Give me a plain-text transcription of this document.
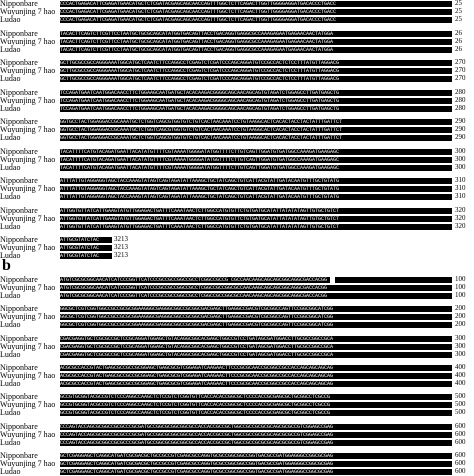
Nipponbare	CCCACTGAGACATTCGAGATGAACATGCTCTCGATACGAGCAGCAACCAGTTTGGCTCTTCAGACTTGGTTGGGGAGGATGACACCCTGACC	25
Wuyunjing 7 hao CCCACTGAGACATTCGAGATGAACATGCTCTCGATACGAGCAGCAACCAGTTTGGCTCTTCAGACTTGGTTGGGGAGGATGACACCCTGACC	25
Ludao	CCCACTGAGACATTCGAGATGAACATGCTCTCGATACGAGCAGCAACCAGTTTGGCTCTTCAGACTTGGTTGGGGAGGATGACACCCTGACC	25
Nipponbare	TACACTTCAGTCTTCGTTCCTAATGCTGCGCAGCATATGGTGACAGTTACCTGACAGGTGAGGCGCCAAAGAGAATGAGAACAACTATGGA	26
Wuyunjing 7 hao TACACTTCAGTCTTCGTTCCTAATGCTGCGCAGCATATGGTGACAGTTACCTGACAGGTGAGGCGCCAAAGAGAATGAGAACAACTATGGA	26
Ludao	TACACTTCAGTCTTCGTTCCTAATGCTGCGCAGCATATGGTGACAGTTACCTGACAGGTGAGGCGCCAAAGAGAATGAGAACAACTATGGA	26
Nipponbare	GCTTGCGCCGCCAGGGAAATGGCATGCTCAATCTTCCAGGCCTCGAGTCTCGATCCCAGCAGGATGTCCGCCACTCTCCTTTATGTTAGGACG	270
Wuyunjing 7 hao GCTTGCGCCGCCAGGGAAATGGCATGCTCAATCTTCCAGGCCTCGAGTCTCGATCCCAGCAGGATGTCCGCCACTCTCCTTTATGTTAGGACG	270
Ludao	GCTTGCGCCGCCAGGGAAATGGCATGCTCAATCTTCCAGGCCTCGAGTCTCGATCCCAGCAGGATGTCCGCCACTCTCCTTTATGTTAGGACG	270
Nipponbare	TCCAGATGAATCAATGGACAACCTTCTGGAAGCAATGATGCTACACAAGACGGGGCAGCAACAGCAGTGTAGATCTGGAGCCTTGATGAGCTG	280
Wuyunjing 7 hao TCCAGATGAATCAATGGACAACCTTCTGGAAGCAATGATGCTACACAAGACGGGGCAGCAACAGCAGTGTAGATCTGGAGCCTTGATGAGCTG	280
Ludao	TCCAGATGAATCAATGGACAACCTTCTGGAAGCAATGATGCTACACAAGACGGGGCAGCAACAGCAGTGTAGATCTGGAGCCTTGATGAGCTG	280
Nipponbare	GGTGCCTACTGGAGGACCGCAAATGCTCTGGTCAGCGTGGTGTCTGTCACTAACAAATCCTGTAAGGCACTCACACTACCTACTATTTGATTCT	290
Wuyunjing 7 hao GGTGCCTACTGGAGGACCGCAAATGCTCTGGTCAGCGTGGTGTCTGTCACTAACAAATCCTGTAAGGCACTCACACTACCTACTATTTGATTCT	290
Ludao	GGTGCCTACTGGAGGACCGCAAATGCTCTGGTCAGCGTGGTGTCTGTCACTAACAAATCCTGTAAGGCACTCACACTACCTACTATTTGATTCT	290
Nipponbare	TACATTTTCATGTACAGATGAATTACATATGTTTTCGTAAAATGGGGATATGGTTTTCTTGTCAGTTGGATGTGATGGCCAAAGATGAAGAGC	300
Wuyunjing 7 hao TACATTTTCATGTACAGATGAATTACATATGTTTTCGTAAAATGGGGATATGGTTTTCTTGTCAGTTGGATGTGATGGCCAAAGATGAAGAGC	300
Ludao	TACATTTTCATGTACAGATGAATTACATATGTTTTCGTAAAATGGGGATATGGTTTTCTTGTCAGTTGGATGTGATGGCCAAAGATGAAGAGC	300
Nipponbare	ATTTATTGTAGGAGGTAGCTACCAAAGTATAGTCAGTAGATATTAAAGCTGCTATCAGCTGTCATTACGTATTGATACAATGTTTGCTGTATG	310
Wuyunjing 7 hao ATTTATTGTAGGAGGTAGCTACCAAAGTATAGTCAGTAGATATTAAAGCTGCTATCAGCTGTCATTACGTATTGATACAATGTTTGCTGTATG	310
Ludao	ATTTATTGTAGGAGGTAGCTACCAAAGTATAGTCAGTAGATATTAAAGCTGCTATCAGCTGTCATTACGTATTGATACAATGTTTGCTGTATG	310
Nipponbare	ATTGGTGTTATCATTGAAGTATGTTGGAGACTGATTTCAAATAACTCTTGGCCATGTGTTCTGTGATGCATATTATATATAGTTGTGCTGTCT	320
Wuyunjing 7 hao ATTGGTGTTATCATTGAAGTATGTTGGAGACTGATTTCAAATAACTCTTGGCCATGTGTTCTGTGATGCATATTATATATAGTTGTGCTGTCT	320
Ludao	ATTGGTGTTATCATTGAAGTATGTTGGAGACTGATTTCAAATAACTCTTGGCCATGTGTTCTGTGATGCATATTATATATAGTTGTGCTGTCT	320
Nipponbare	ATTGCGTATCTAC	3213
Wuyunjing 7 hao ATTGCGTATCTAC	3213
Ludao	ATTGCGTATCTAC	3213
b
Nipponbare	ATGTCGCGCGGCAACATCATCCCGGTTCATCCCGCCGCCGGCCGCCTCGGCCGCCG CGCCAACAAGCAGCAGCGGCAGGCGACCACGG	100
Wuyunjing 7 hao ATGTCGCGCGGCAACATCATCCCGGTTCATCCCGCCGCCGGCCGCCTCGGCCGCCGGCGCCAACAAGCAGCAGCGGCAGGCGACCACGG	100
Ludao	ATGTCGCGCGGCAACATCATCCCGGTTCATCCCGCCGCCGGCCGCCTCGGCCGCCGGCGCCAACAAGCAGCAGCGGCAGGCGACCACGG	100
Nipponbare	GGCGCTCGTCGGTGGCCGCCGCGCGGAAGGGCGAGGGCGGCCGCGGCGACGAGCTTGAGGCCGACGTCGCGGCCAGTTCCGGCGGCATCGG	200
Wuyunjing 7 hao GGCGCTCGTCGGTGGCCGCCGCGCGGAAGGGCGAGGGCGGCCGCGGCGACGAGCTTGAGGCCGACGTCGCGGCCAGTTCCGGCGGCATCGG	200
Ludao	GGCGCTCGTCGGTGGCCGCCGCGCGGAAGGGCGAGGGCGGCCGCGGCGACGAGCTTGAGGCCGACGTCGCGGCCAGTTCCGGCGGCATCGG	200
Nipponbare	CGACGAGGTGCTCGCGCCGCTCCGCAGGATGGAGCTGTACAGGCGGCACGAGCTGGCCGTCCTGATAGCGATGGACCTTGCGCCGGCCGCA	300
Wuyunjing 7 hao CGACGAGGTGCTCGCGCCGCTCCGCAGGATGGAGCTGTACAGGCGGCACGAGCTGGCCGTCCTGATAGCGATGGACCTTGCGCCGGCCGCA	300
Ludao	CGACGAGGTGCTCGCGCCGCTCCGCAGGATGGAGCTGTACAGGCGGCACGAGCTGGCCGTCCTGATAGCGATGGACCTTGCGCCGGCCGCA	300
Nipponbare	ACGCGCCACCGTACTGAGCGCCGCCGCGGAGCTGAGCGCGTCGGAGATCAAGAACTTCCCGCGCAACCGCGGCCGCCACCAGCAGCAGCAG	400
Wuyunjing 7 hao ACGCGCCACCGTACTGAGCGCCGCCGCGGAGCTGAGCGCGTCGGAGATCAAGAACTTCCCGCGCAACCGCGGCCGCCACCAGCAGCAGCAG	400
Ludao	ACGCGCCACCGTACTGAGCGCCGCCGCGGAGCTGAGCGCGTCGGAGATCAAGAACTTCCCGCGCAACCGCGGCCGCCACCAGCAGCAGCAG	400
Nipponbare	GCCGTGCGGTACGCCGTCTCCCAGGCCAAGCTCTCCGTCTCGGTGTTCACCACACCGGCGCTCCCCACCGCGAGCGCTGCGGCCTCGCCG	500
Wuyunjing 7 hao GCCGTGCGGTACGCCGTCTCCCAGGCCAAGCTCTCCGTCTCGGTGTTCACCACACCGGCGCTCCCCACCGCGAGCGCTGCGGCCTCGCCG	500
Ludao	GCCGTGCGGTACGCCGTCTCCCAGGCCAAGCTCTCCGTCTCGGTGTTCACCACACCGGCGCTCCCCACCGCGAGCGCTGCGGCCTCGCCG	500
Nipponbare	CCCAGTACCAGCGCGGCCGCGCCCGCGATGCCGGCGCGGCGGCGCCACCACCGCCGCTGGCCGCCGCGCGCAGCGCGCCGTCGGAGCCGAG	600
Wuyunjing 7 hao CCCAGTACCAGCGCGGCCGCGCCCGCGATGCCGGCGCGGCGGCGCCACCACCGCCGCTGGCCGCCGCGCGCAGCGCGCCGTCGGAGCCGAG	600
Ludao	CCCAGTACCAGCGCGGCCGCGCCCGCGATGCCGGCGCGGCGGCGCCACCACCGCCGCTGGCCGCCGCGCGCAGCGCGCCGTCGGAGCCGAG	600
Nipponbare	GCTCGAGGAGCTCAGGCATGATCGCGACGCTGCCGCCGTCGAGCGCCAGGTGCGCCGGCGGCCGGTGACGCCGATGGAGGGCCGGCGCGAG	600
Wuyunjing 7 hao GCTCGAGGAGCTCAGGCATGATCGCGACGCTGCCGCCGTCGAGCGCCAGGTGCGCCGGCGGCCGGTGACGCCGATGGAGGGCCGGCGCGAG	600
Ludao	GCTCGAGGAGCTCAGGCATGATCGCGACGCTGCCGCCGTCGAGCGCCAGGTGCGCCGGCGGCCGGTGACGCCGATGGAGGGCCGGCGCGAG	600
